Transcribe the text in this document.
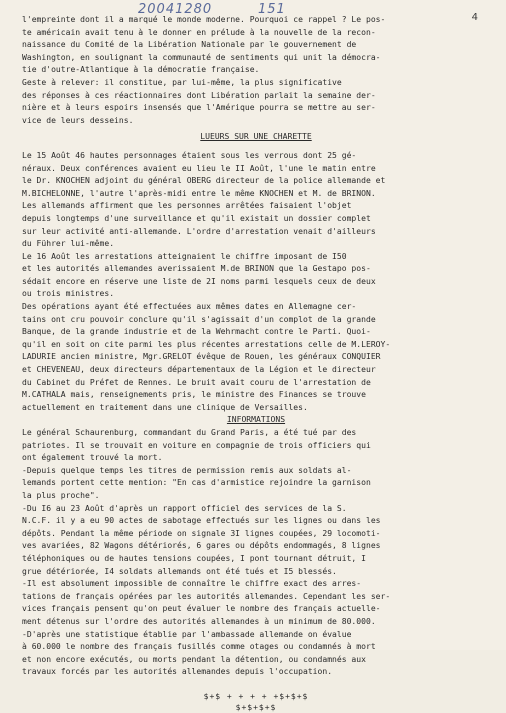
20041280	151
4
l'empreinte dont il a marqué le monde moderne. Pourquoi ce rappel ? Le pos-
te américain avait tenu à le donner en prélude à la nouvelle de la recon-
naissance du Comité de la Libération Nationale par le gouvernement de
Washington, en soulignant la communauté de sentiments qui unit la démocra-
tie d'outre-Atlantique à la démocratie française.
Geste à relever: il constitue, par lui-même, la plus significative
des réponses à ces réactionnaires dont Libération parlait la semaine der-
nière et à leurs espoirs insensés que l'Amérique pourra se mettre au ser-
vice de leurs desseins.
LUEURS SUR UNE CHARETTE
Le 15 Août 46 hautes personnages étaient sous les verrous dont 25 gé-
néraux. Deux conférences avaient eu lieu le II Août, l'une le matin entre
le Dr. KNOCHEN adjoint du général OBERG directeur de la police allemande et
M.BICHELONNE, l'autre l'après-midi entre le même KNOCHEN et M. de BRINON.
Les allemands affirment que les personnes arrêtées faisaient l'objet
depuis longtemps d'une surveillance et qu'il existait un dossier complet
sur leur activité anti-allemande. L'ordre d'arrestation venait d'ailleurs
du Führer lui-même.
Le 16 Août les arrestations atteignaient le chiffre imposant de I50
et les autorités allemandes averissaient M.de BRINON que la Gestapo pos-
sédait encore en réserve une liste de 2I noms parmi lesquels ceux de deux
ou trois ministres.
Des opérations ayant été effectuées aux mêmes dates en Allemagne cer-
tains ont cru pouvoir conclure qu'il s'agissait d'un complot de la grande
Banque, de la grande industrie et de la Wehrmacht contre le Parti. Quoi-
qu'il en soit on cite parmi les plus récentes arrestations celle de M.LEROY-
LADURIE ancien ministre, Mgr.GRELOT évêque de Rouen, les généraux CONQUIER
et CHEVENEAU, deux directeurs départementaux de la Légion et le directeur
du Cabinet du Préfet de Rennes. Le bruit avait couru de l'arrestation de
M.CATHALA mais, renseignements pris, le ministre des Finances se trouve
actuellement en traitement dans une clinique de Versailles.
INFORMATIONS
Le général Schaurenburg, commandant du Grand Paris, a été tué par des
patriotes. Il se trouvait en voiture en compagnie de trois officiers qui
ont également trouvé la mort.
-Depuis quelque temps les titres de permission remis aux soldats al-
lemands portent cette mention: "En cas d'armistice rejoindre la garnison
la plus proche".
-Du I6 au 23 Août d'après un rapport officiel des services de la S.
N.C.F. il y a eu 90 actes de sabotage effectués sur les lignes ou dans les
dépôts. Pendant la même période on signale 3I lignes coupées, 29 locomoti-
ves avariées, 82 Wagons détériorés, 6 gares ou dépôts endommagés, 8 lignes
téléphoniques ou de hautes tensions coupées, I pont tournant détruit, I
grue détériorée, I4 soldats allemands ont été tués et I5 blessés.
-Il est absolument impossible de connaître le chiffre exact des arres-
tations de français opérées par les autorités allemandes. Cependant les ser-
vices français pensent qu'on peut évaluer le nombre des français actuelle-
ment détenus sur l'ordre des autorités allemandes à un minimum de 80.000.
-D'après une statistique établie par l'ambassade allemande on évalue
à 60.000 le nombre des français fusillés comme otages ou condamnés à mort
et non encore exécutés, ou morts pendant la détention, ou condamnés aux
travaux forcés par les autorités allemandes depuis l'occupation.
$+$ + + + + +$+$+$
$+$+$+$
